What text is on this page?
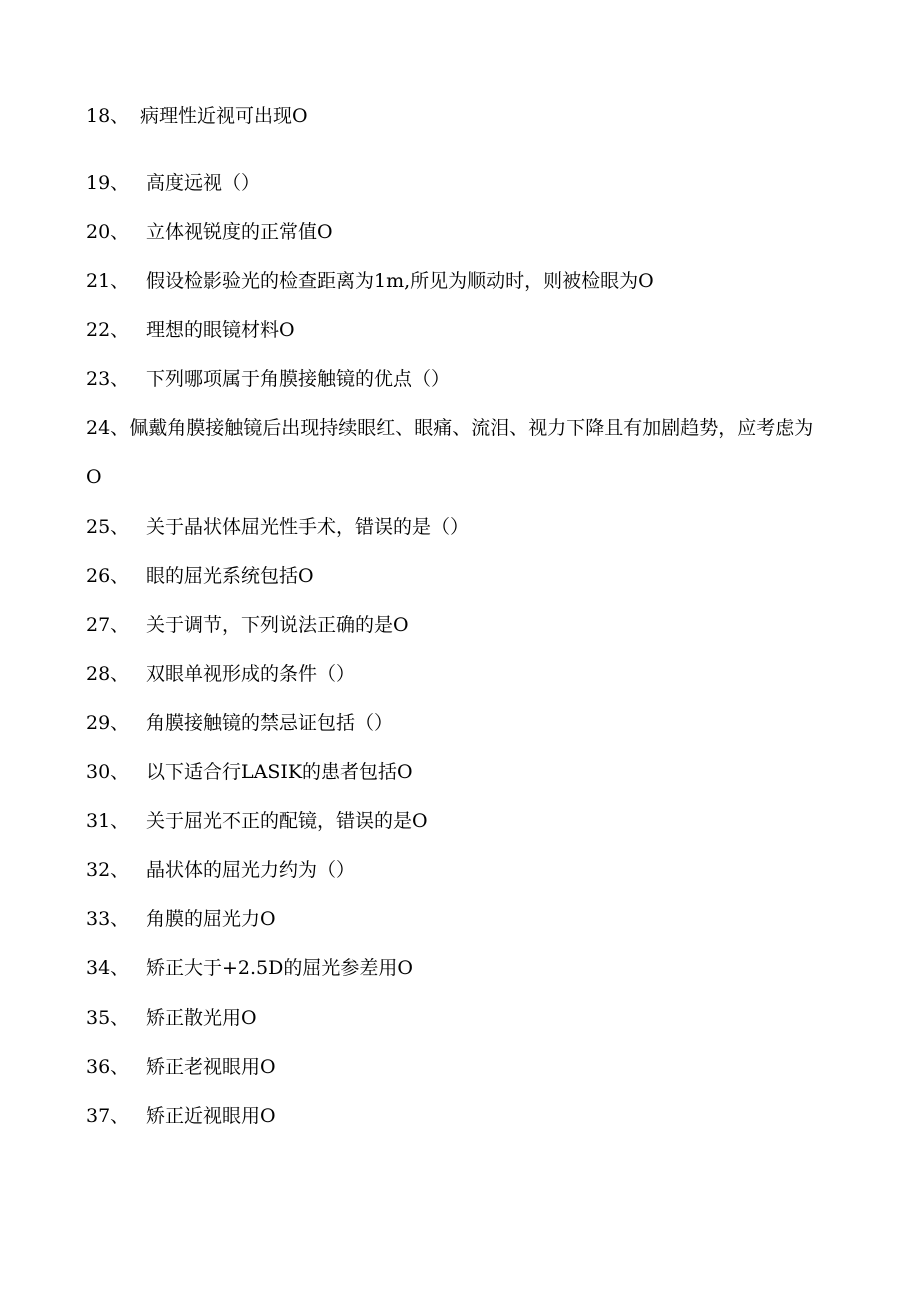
18、 病理性近视可出现O
19、 高度远视（）
20、 立体视锐度的正常值O
21、 假设检影验光的检查距离为1m,所见为顺动时，则被检眼为O
22、 理想的眼镜材料O
23、 下列哪项属于角膜接触镜的优点（）
24、佩戴角膜接触镜后出现持续眼红、眼痛、流泪、视力下降且有加剧趋势，应考虑为O
25、 关于晶状体屈光性手术，错误的是（）
26、 眼的屈光系统包括O
27、 关于调节，下列说法正确的是O
28、 双眼单视形成的条件（）
29、 角膜接触镜的禁忌证包括（）
30、 以下适合行LASIK的患者包括O
31、 关于屈光不正的配镜，错误的是O
32、 晶状体的屈光力约为（）
33、 角膜的屈光力O
34、 矫正大于+2.5D的屈光参差用O
35、 矫正散光用O
36、 矫正老视眼用O
37、 矫正近视眼用O
